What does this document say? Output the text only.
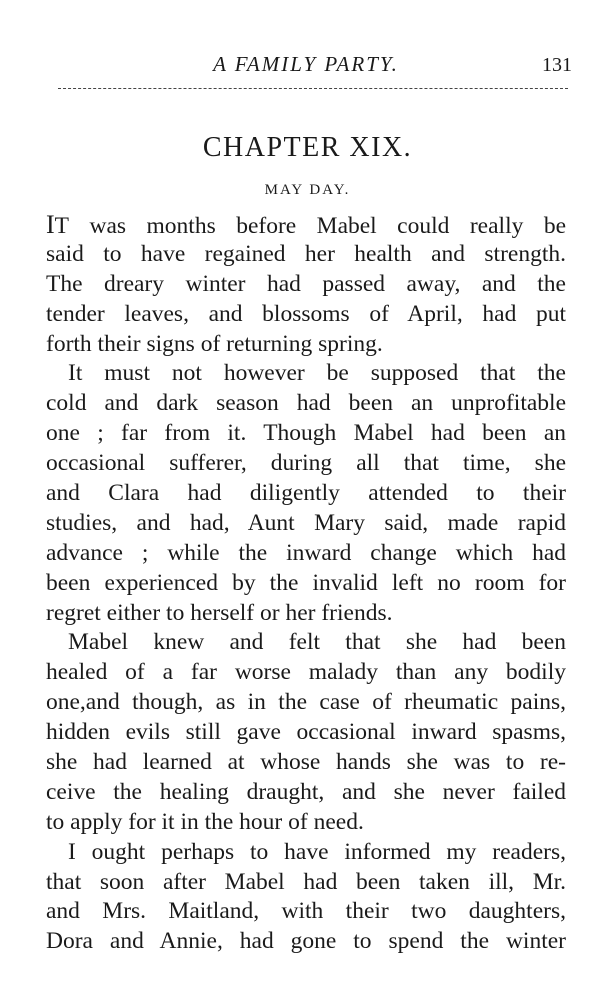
A FAMILY PARTY.	131
CHAPTER XIX.
MAY DAY.
IT was months before Mabel could really be
said to have regained her health and strength.
The dreary winter had passed away, and the
tender leaves, and blossoms of April, had put
forth their signs of returning spring.
It must not however be supposed that the
cold and dark season had been an unprofitable
one ; far from it. Though Mabel had been an
occasional sufferer, during all that time, she
and Clara had diligently attended to their
studies, and had, Aunt Mary said, made rapid
advance ; while the inward change which had
been experienced by the invalid left no room for
regret either to herself or her friends.
Mabel knew and felt that she had been
healed of a far worse malady than any bodily
one,and though, as in the case of rheumatic pains,
hidden evils still gave occasional inward spasms,
she had learned at whose hands she was to re-
ceive the healing draught, and she never failed
to apply for it in the hour of need.
I ought perhaps to have informed my readers,
that soon after Mabel had been taken ill, Mr.
and Mrs. Maitland, with their two daughters,
Dora and Annie, had gone to spend the winter
